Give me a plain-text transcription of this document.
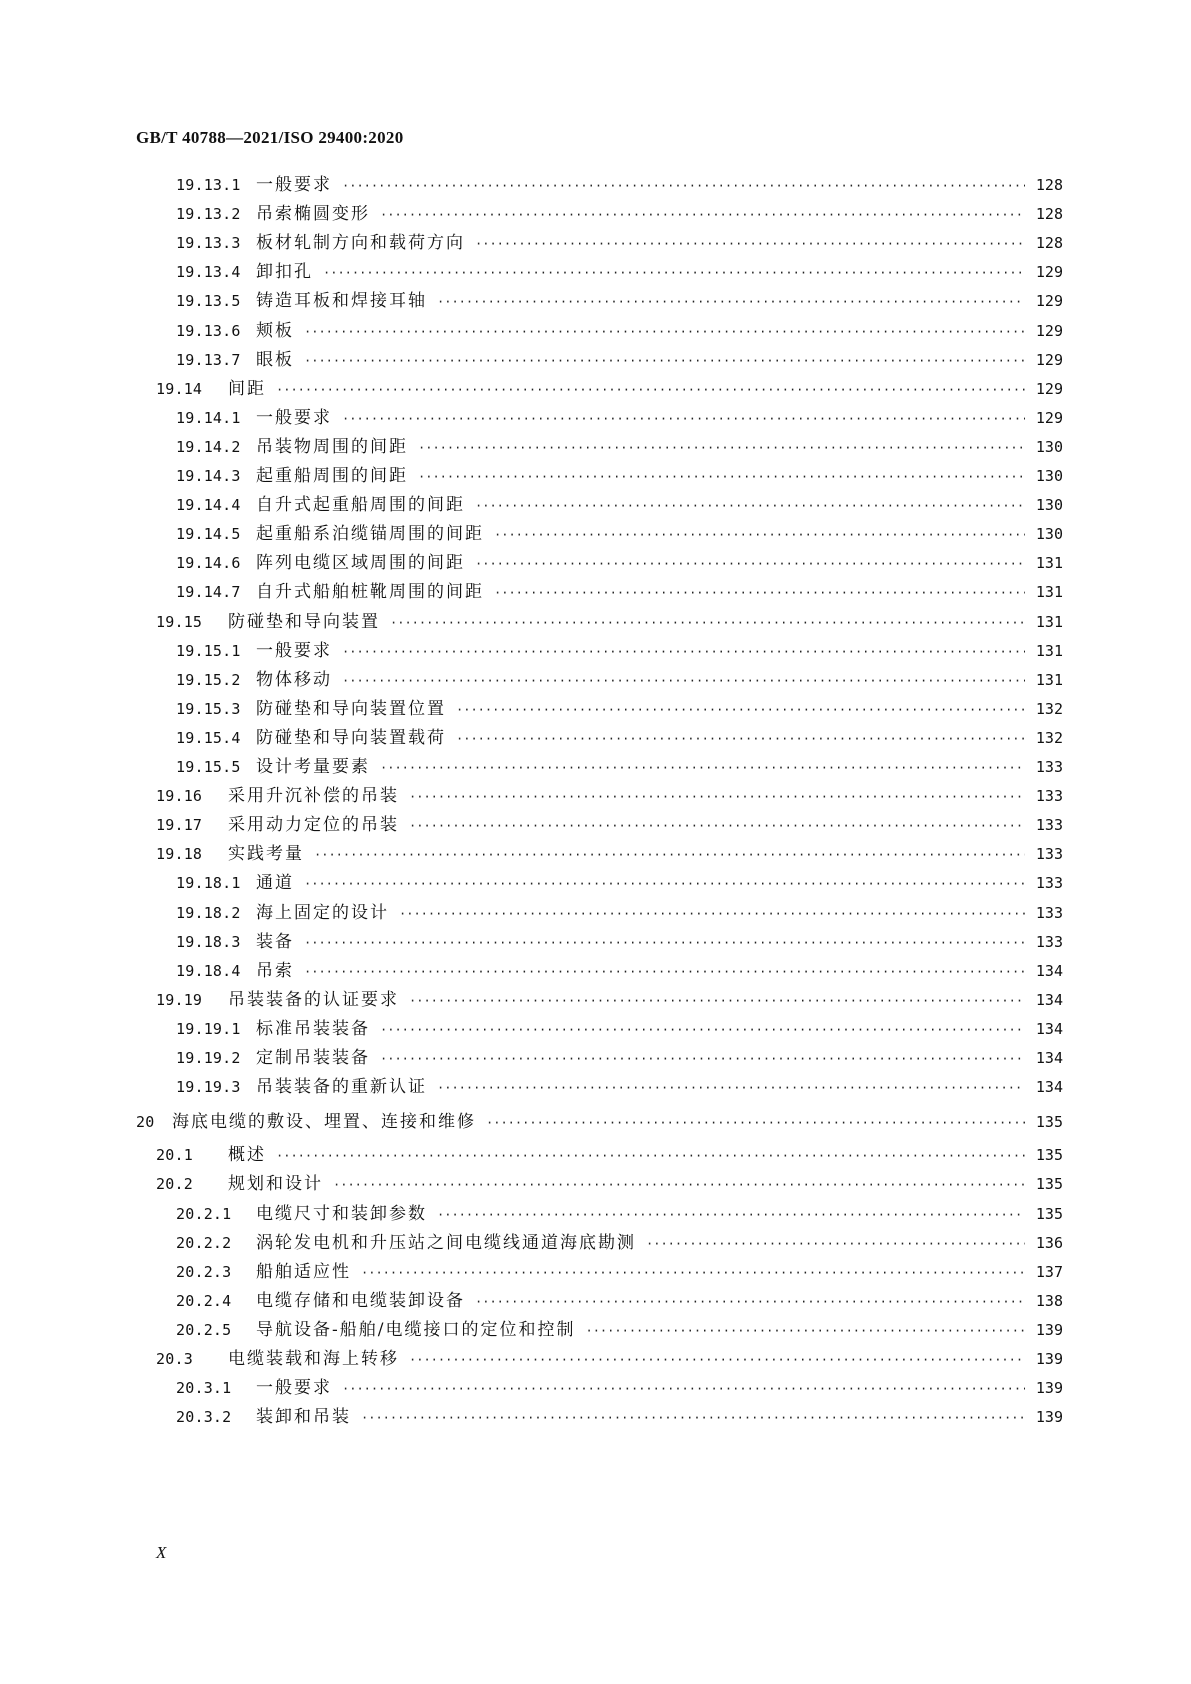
GB/T 40788—2021/ISO 29400:2020
19.13.1 一般要求 ·····	128
19.13.2 吊索椭圆变形 ·····	128
19.13.3 板材轧制方向和载荷方向 ·····	128
19.13.4 卸扣孔 ·····	129
19.13.5 铸造耳板和焊接耳轴 ·····	129
19.13.6 颊板 ·····	129
19.13.7 眼板 ·····	129
19.14	间距 ·····	129
19.14.1 一般要求 ·····	129
19.14.2 吊装物周围的间距 ·····	130
19.14.3 起重船周围的间距 ·····	130
19.14.4 自升式起重船周围的间距 ·····	130
19.14.5 起重船系泊缆锚周围的间距 ·····	130
19.14.6 阵列电缆区域周围的间距 ·····	131
19.14.7 自升式船舶桩靴周围的间距 ·····	131
19.15	防碰垫和导向装置 ·····	131
19.15.1 一般要求 ·····	131
19.15.2 物体移动 ·····	131
19.15.3 防碰垫和导向装置位置 ·····	132
19.15.4 防碰垫和导向装置载荷 ·····	132
19.15.5 设计考量要素 ·····	133
19.16	采用升沉补偿的吊装 ·····	133
19.17	采用动力定位的吊装 ·····	133
19.18	实践考量 ·····	133
19.18.1 通道 ·····	133
19.18.2 海上固定的设计 ·····	133
19.18.3 装备 ·····	133
19.18.4 吊索 ·····	134
19.19	吊装装备的认证要求 ·····	134
19.19.1 标准吊装装备 ·····	134
19.19.2 定制吊装装备 ·····	134
19.19.3 吊装装备的重新认证 ·····	134
20	海底电缆的敷设、埋置、连接和维修 ·····	135
20.1	概述 ·····	135
20.2	规划和设计 ·····	135
20.2.1	电缆尺寸和装卸参数 ·····	135
20.2.2	涡轮发电机和升压站之间电缆线通道海底勘测 ·····	136
20.2.3	船舶适应性 ·····	137
20.2.4	电缆存储和电缆装卸设备 ·····	138
20.2.5	导航设备-船舶/电缆接口的定位和控制 ·····	139
20.3	电缆装载和海上转移 ·····	139
20.3.1	一般要求 ·····	139
20.3.2	装卸和吊装 ·····	139
X
